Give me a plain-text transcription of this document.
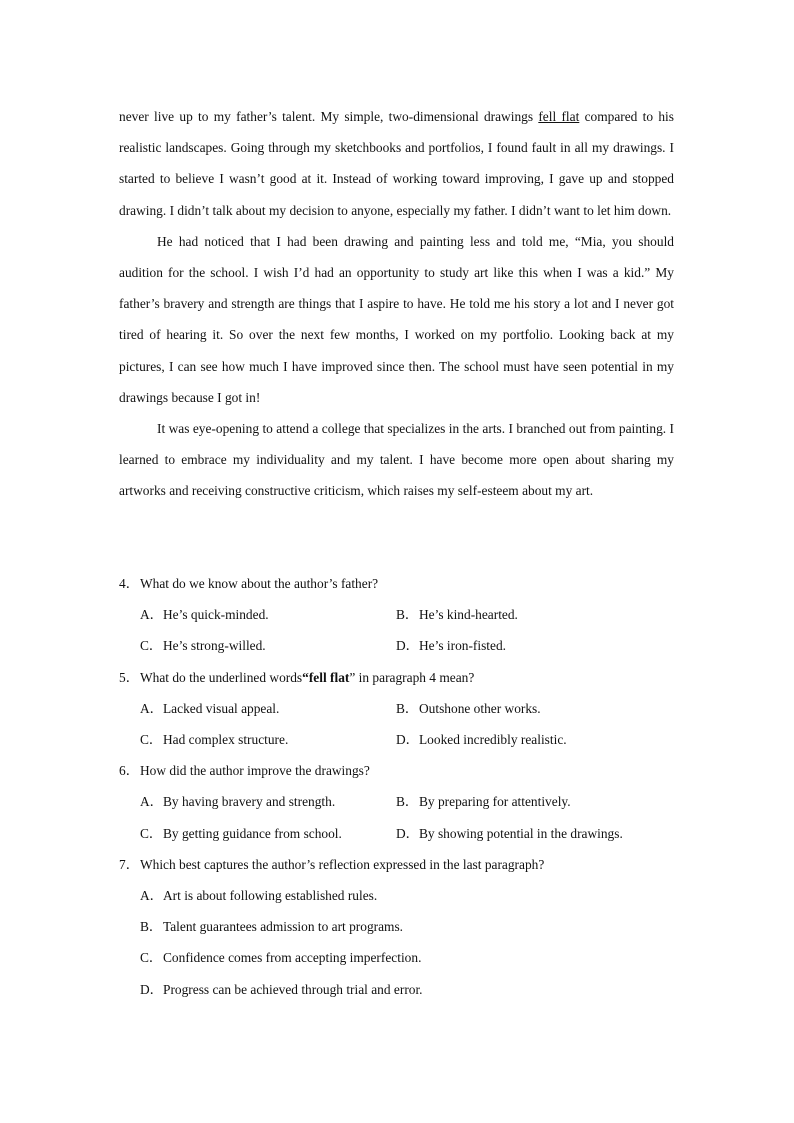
never live up to my father’s talent. My simple, two-dimensional drawings fell flat compared to his realistic landscapes. Going through my sketchbooks and portfolios, I found fault in all my drawings. I started to believe I wasn’t good at it. Instead of working toward improving, I gave up and stopped drawing. I didn’t talk about my decision to anyone, especially my father. I didn’t want to let him down.

He had noticed that I had been drawing and painting less and told me, “Mia, you should audition for the school. I wish I’d had an opportunity to study art like this when I was a kid.” My father’s bravery and strength are things that I aspire to have. He told me his story a lot and I never got tired of hearing it. So over the next few months, I worked on my portfolio. Looking back at my pictures, I can see how much I have improved since then. The school must have seen potential in my drawings because I got in!

It was eye-opening to attend a college that specializes in the arts. I branched out from painting. I learned to embrace my individuality and my talent. I have become more open about sharing my artworks and receiving constructive criticism, which raises my self-esteem about my art.

4．What do we know about the author’s father?
A．He’s quick-minded.	B．He’s kind-hearted.
C．He’s strong-willed.	D．He’s iron-fisted.
5．What do the underlined words“fell flat” in paragraph 4 mean?
A．Lacked visual appeal.	B．Outshone other works.
C．Had complex structure.	D．Looked incredibly realistic.
6．How did the author improve the drawings?
A．By having bravery and strength.	B．By preparing for attentively.
C．By getting guidance from school.	D．By showing potential in the drawings.
7．Which best captures the author’s reflection expressed in the last paragraph?
A．Art is about following established rules.
B．Talent guarantees admission to art programs.
C．Confidence comes from accepting imperfection.
D．Progress can be achieved through trial and error.
